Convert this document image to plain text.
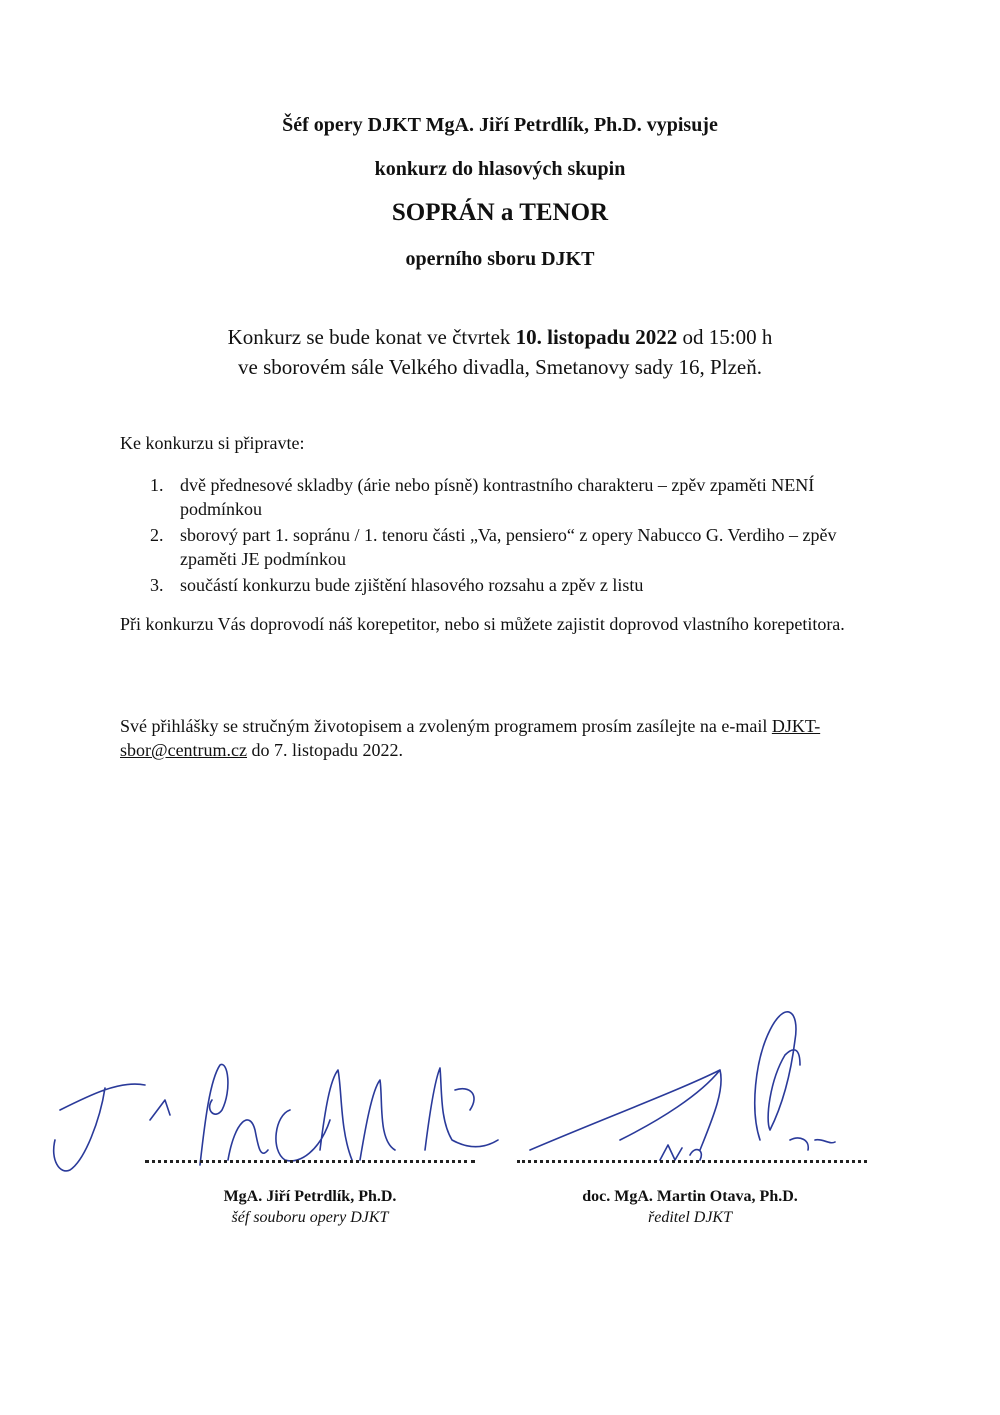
Šéf opery DJKT MgA. Jiří Petrdlík, Ph.D. vypisuje
konkurz do hlasových skupin
SOPRÁN a TENOR
operního sboru DJKT
Konkurz se bude konat ve čtvrtek 10. listopadu 2022 od 15:00 h
ve sborovém sále Velkého divadla, Smetanovy sady 16, Plzeň.
Ke konkurzu si připravte:
1. dvě přednesové skladby (árie nebo písně) kontrastního charakteru – zpěv zpaměti NENÍ podmínkou
2. sborový part 1. sopránu / 1. tenoru části „Va, pensiero“ z opery Nabucco G. Verdiho – zpěv zpaměti JE podmínkou
3. součástí konkurzu bude zjištění hlasového rozsahu a zpěv z listu
Při konkurzu Vás doprovodí náš korepetitor, nebo si můžete zajistit doprovod vlastního korepetitora.
Své přihlášky se stručným životopisem a zvoleným programem prosím zasílejte na e-mail DJKT-sbor@centrum.cz do 7. listopadu 2022.
MgA. Jiří Petrdlík, Ph.D.
šéf souboru opery DJKT
doc. MgA. Martin Otava, Ph.D.
ředitel DJKT
